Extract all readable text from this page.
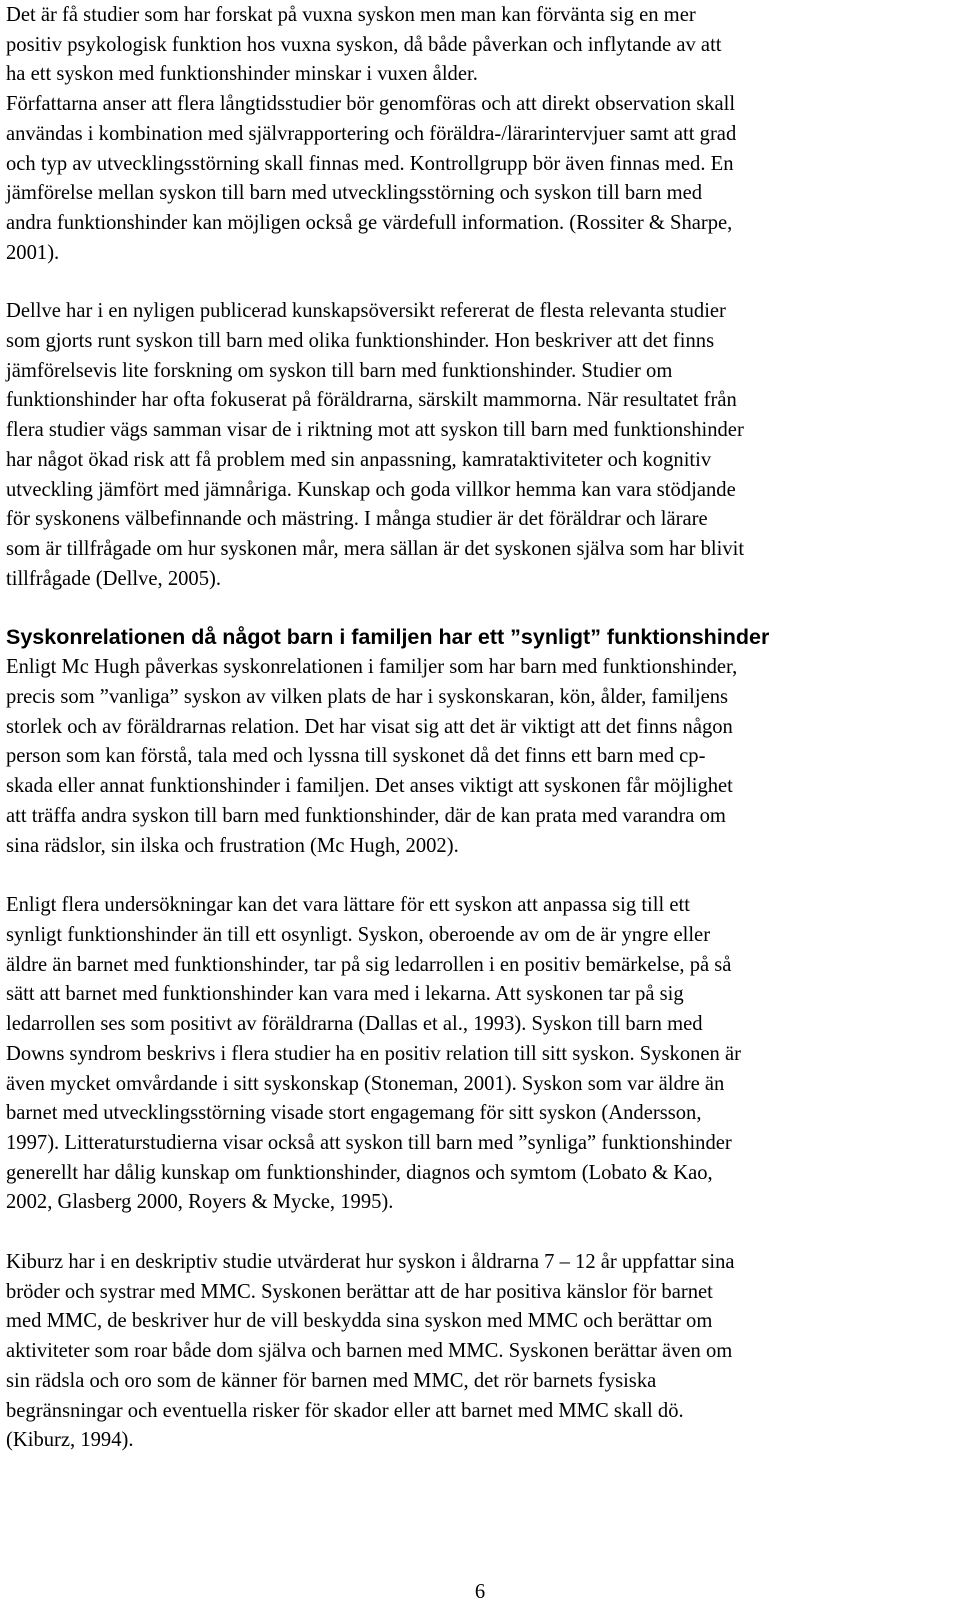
Det är få studier som har forskat på vuxna syskon men man kan förvänta sig en mer
positiv psykologisk funktion hos vuxna syskon, då både påverkan och inflytande av att
ha ett syskon med funktionshinder minskar i vuxen ålder.
Författarna anser att flera långtidsstudier bör genomföras och att direkt observation skall
användas i kombination med självrapportering och föräldra-/lärarintervjuer samt att grad
och typ av utvecklingsstörning skall finnas med. Kontrollgrupp bör även finnas med. En
jämförelse mellan syskon till barn med utvecklingsstörning och syskon till barn med
andra funktionshinder kan möjligen också ge värdefull information. (Rossiter & Sharpe,
2001).

Dellve har i en nyligen publicerad kunskapsöversikt refererat de flesta relevanta studier
som gjorts runt syskon till barn med olika funktionshinder. Hon beskriver att det finns
jämförelsevis lite forskning om syskon till barn med funktionshinder. Studier om
funktionshinder har ofta fokuserat på föräldrarna, särskilt mammorna. När resultatet från
flera studier vägs samman visar de i riktning mot att syskon till barn med funktionshinder
har något ökad risk att få problem med sin anpassning, kamrataktiviteter och kognitiv
utveckling jämfört med jämnåriga. Kunskap och goda villkor hemma kan vara stödjande
för syskonens välbefinnande och mästring. I många studier är det föräldrar och lärare
som är tillfrågade om hur syskonen mår, mera sällan är det syskonen själva som har blivit
tillfrågade (Dellve, 2005).

Syskonrelationen då något barn i familjen har ett ”synligt” funktionshinder

Enligt Mc Hugh påverkas syskonrelationen i familjer som har barn med funktionshinder,
precis som ”vanliga” syskon av vilken plats de har i syskonskaran, kön, ålder, familjens
storlek och av föräldrarnas relation. Det har visat sig att det är viktigt att det finns någon
person som kan förstå, tala med och lyssna till syskonet då det finns ett barn med cp-
skada eller annat funktionshinder i familjen. Det anses viktigt att syskonen får möjlighet
att träffa andra syskon till barn med funktionshinder, där de kan prata med varandra om
sina rädslor, sin ilska och frustration (Mc Hugh, 2002).

Enligt flera undersökningar kan det vara lättare för ett syskon att anpassa sig till ett
synligt funktionshinder än till ett osynligt. Syskon, oberoende av om de är yngre eller
äldre än barnet med funktionshinder, tar på sig ledarrollen i en positiv bemärkelse, på så
sätt att barnet med funktionshinder kan vara med i lekarna. Att syskonen tar på sig
ledarrollen ses som positivt av föräldrarna (Dallas et al., 1993). Syskon till barn med
Downs syndrom beskrivs i flera studier ha en positiv relation till sitt syskon. Syskonen är
även mycket omvårdande i sitt syskonskap (Stoneman, 2001). Syskon som var äldre än
barnet med utvecklingsstörning visade stort engagemang för sitt syskon (Andersson,
1997). Litteraturstudierna visar också att syskon till barn med ”synliga” funktionshinder
generellt har dålig kunskap om funktionshinder, diagnos och symtom (Lobato & Kao,
2002, Glasberg 2000, Royers & Mycke, 1995).

Kiburz har i en deskriptiv studie utvärderat hur syskon i åldrarna 7 – 12 år uppfattar sina
bröder och systrar med MMC. Syskonen berättar att de har positiva känslor för barnet
med MMC, de beskriver hur de vill beskydda sina syskon med MMC och berättar om
aktiviteter som roar både dom själva och barnen med MMC. Syskonen berättar även om
sin rädsla och oro som de känner för barnen med MMC, det rör barnets fysiska
begränsningar och eventuella risker för skador eller att barnet med MMC skall dö.
(Kiburz, 1994).

6
